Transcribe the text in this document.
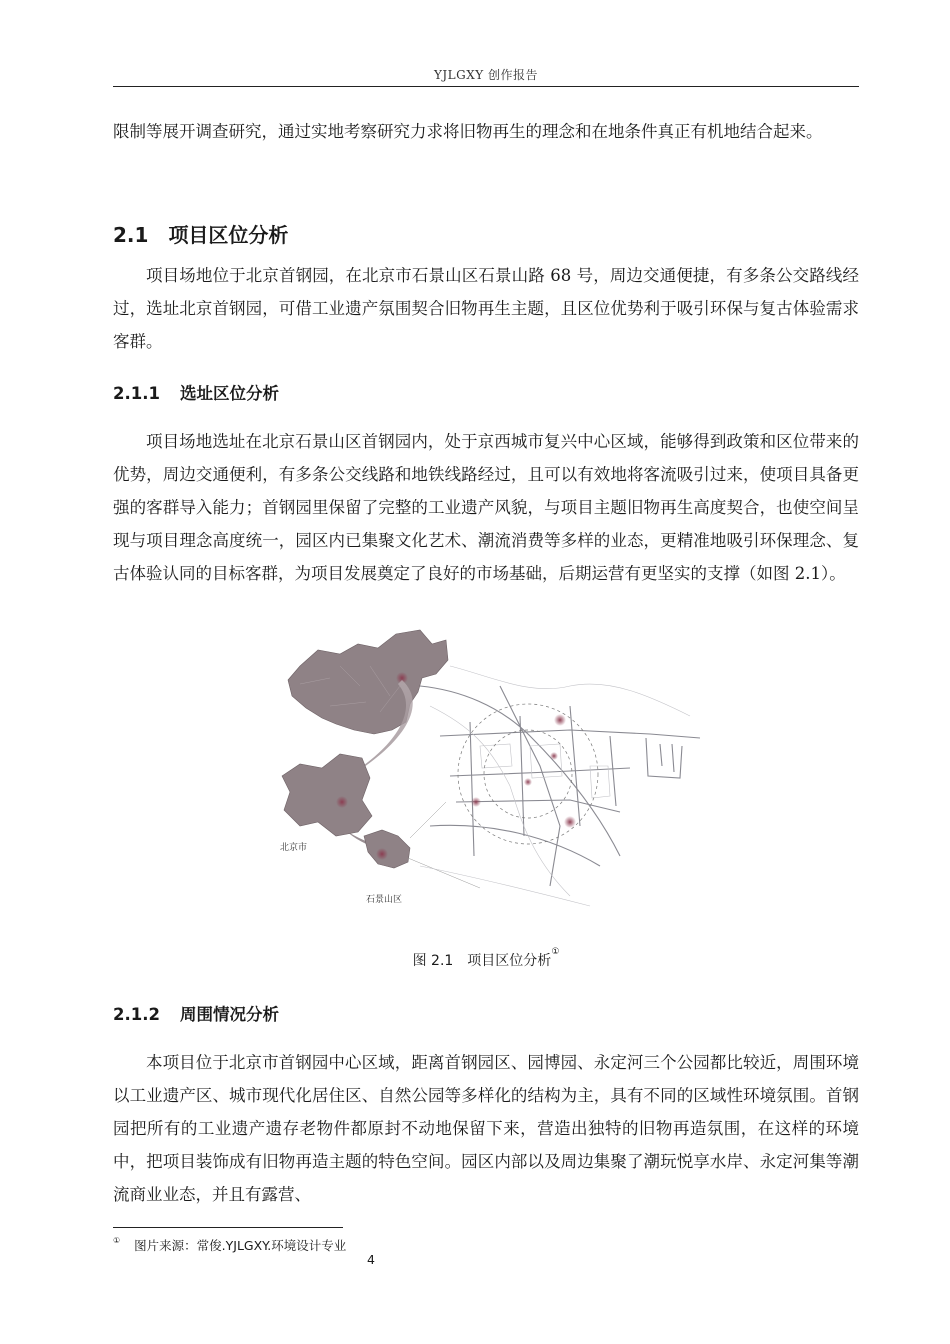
YJLGXY 创作报告

限制等展开调查研究，通过实地考察研究力求将旧物再生的理念和在地条件真正有机地结合起来。

2.1 项目区位分析

项目场地位于北京首钢园，在北京市石景山区石景山路 68 号，周边交通便捷，有多条公交路线经过，选址北京首钢园，可借工业遗产氛围契合旧物再生主题，且区位优势利于吸引环保与复古体验需求客群。

2.1.1 选址区位分析

项目场地选址在北京石景山区首钢园内，处于京西城市复兴中心区域，能够得到政策和区位带来的优势，周边交通便利，有多条公交线路和地铁线路经过，且可以有效地将客流吸引过来，使项目具备更强的客群导入能力；首钢园里保留了完整的工业遗产风貌，与项目主题旧物再生高度契合，也使空间呈现与项目理念高度统一，园区内已集聚文化艺术、潮流消费等多样的业态，更精准地吸引环保理念、复古体验认同的目标客群，为项目发展奠定了良好的市场基础，后期运营有更坚实的支撑（如图 2.1）。

北京市
石景山区
图 2.1　项目区位分析①
2.1.2 周围情况分析

本项目位于北京市首钢园中心区域，距离首钢园区、园博园、永定河三个公园都比较近，周围环境以工业遗产区、城市现代化居住区、自然公园等多样化的结构为主，具有不同的区域性环境氛围。首钢园把所有的工业遗产遗存老物件都原封不动地保留下来，营造出独特的旧物再造氛围，在这样的环境中，把项目装饰成有旧物再造主题的特色空间。园区内部以及周边集聚了潮玩悦享水岸、永定河集等潮流商业业态，并且有露营、

① 图片来源：常俊.YJLGXY.环境设计专业
4
